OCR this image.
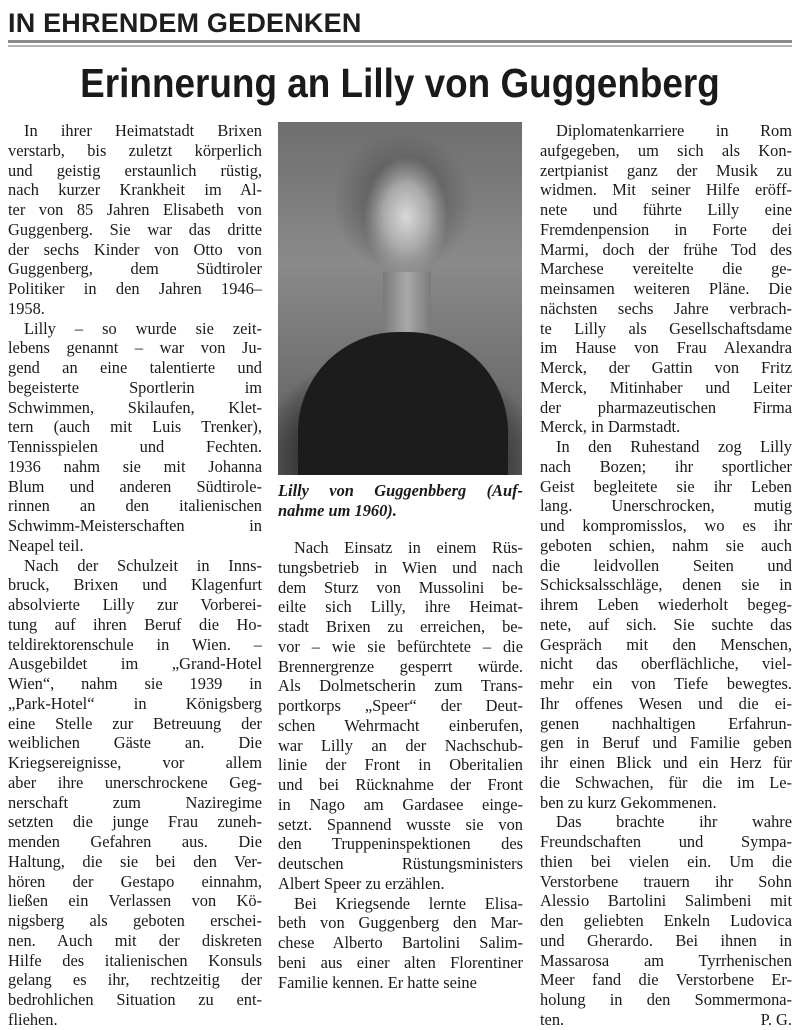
IN EHRENDEM GEDENKEN
Erinnerung an Lilly von Guggenberg
In ihrer Heimatstadt Brixen
verstarb, bis zuletzt körperlich
und geistig erstaunlich rüstig,
nach kurzer Krankheit im Al-
ter von 85 Jahren Elisabeth von
Guggenberg. Sie war das dritte
der sechs Kinder von Otto von
Guggenberg, dem Südtiroler
Politiker in den Jahren 1946–
1958.
Lilly – so wurde sie zeit-
lebens genannt – war von Ju-
gend an eine talentierte und
begeisterte Sportlerin im
Schwimmen, Skilaufen, Klet-
tern (auch mit Luis Trenker),
Tennisspielen und Fechten.
1936 nahm sie mit Johanna
Blum und anderen Südtirole-
rinnen an den italienischen
Schwimm-Meisterschaften in
Neapel teil.
Nach der Schulzeit in Inns-
bruck, Brixen und Klagenfurt
absolvierte Lilly zur Vorberei-
tung auf ihren Beruf die Ho-
teldirektorenschule in Wien. –
Ausgebildet im „Grand-Hotel
Wien“, nahm sie 1939 in
„Park-Hotel“ in Königsberg
eine Stelle zur Betreuung der
weiblichen Gäste an. Die
Kriegsereignisse, vor allem
aber ihre unerschrockene Geg-
nerschaft zum Naziregime
setzten die junge Frau zuneh-
menden Gefahren aus. Die
Haltung, die sie bei den Ver-
hören der Gestapo einnahm,
ließen ein Verlassen von Kö-
nigsberg als geboten erschei-
nen. Auch mit der diskreten
Hilfe des italienischen Konsuls
gelang es ihr, rechtzeitig der
bedrohlichen Situation zu ent-
fliehen.
Lilly von Guggenbberg (Auf-
nahme um 1960).
Nach Einsatz in einem Rüs-
tungsbetrieb in Wien und nach
dem Sturz von Mussolini be-
eilte sich Lilly, ihre Heimat-
stadt Brixen zu erreichen, be-
vor – wie sie befürchtete – die
Brennergrenze gesperrt würde.
Als Dolmetscherin zum Trans-
portkorps „Speer“ der Deut-
schen Wehrmacht einberufen,
war Lilly an der Nachschub-
linie der Front in Oberitalien
und bei Rücknahme der Front
in Nago am Gardasee einge-
setzt. Spannend wusste sie von
den Truppeninspektionen des
deutschen Rüstungsministers
Albert Speer zu erzählen.
Bei Kriegsende lernte Elisa-
beth von Guggenberg den Mar-
chese Alberto Bartolini Salim-
beni aus einer alten Florentiner
Familie kennen. Er hatte seine
Diplomatenkarriere in Rom
aufgegeben, um sich als Kon-
zertpianist ganz der Musik zu
widmen. Mit seiner Hilfe eröff-
nete und führte Lilly eine
Fremdenpension in Forte dei
Marmi, doch der frühe Tod des
Marchese vereitelte die ge-
meinsamen weiteren Pläne. Die
nächsten sechs Jahre verbrach-
te Lilly als Gesellschaftsdame
im Hause von Frau Alexandra
Merck, der Gattin von Fritz
Merck, Mitinhaber und Leiter
der pharmazeutischen Firma
Merck, in Darmstadt.
In den Ruhestand zog Lilly
nach Bozen; ihr sportlicher
Geist begleitete sie ihr Leben
lang. Unerschrocken, mutig
und kompromisslos, wo es ihr
geboten schien, nahm sie auch
die leidvollen Seiten und
Schicksalsschläge, denen sie in
ihrem Leben wiederholt begeg-
nete, auf sich. Sie suchte das
Gespräch mit den Menschen,
nicht das oberflächliche, viel-
mehr ein von Tiefe bewegtes.
Ihr offenes Wesen und die ei-
genen nachhaltigen Erfahrun-
gen in Beruf und Familie geben
ihr einen Blick und ein Herz für
die Schwachen, für die im Le-
ben zu kurz Gekommenen.
Das brachte ihr wahre
Freundschaften und Sympa-
thien bei vielen ein. Um die
Verstorbene trauern ihr Sohn
Alessio Bartolini Salimbeni mit
den geliebten Enkeln Ludovica
und Gherardo. Bei ihnen in
Massarosa am Tyrrhenischen
Meer fand die Verstorbene Er-
holung in den Sommermona-
ten.	P. G.
